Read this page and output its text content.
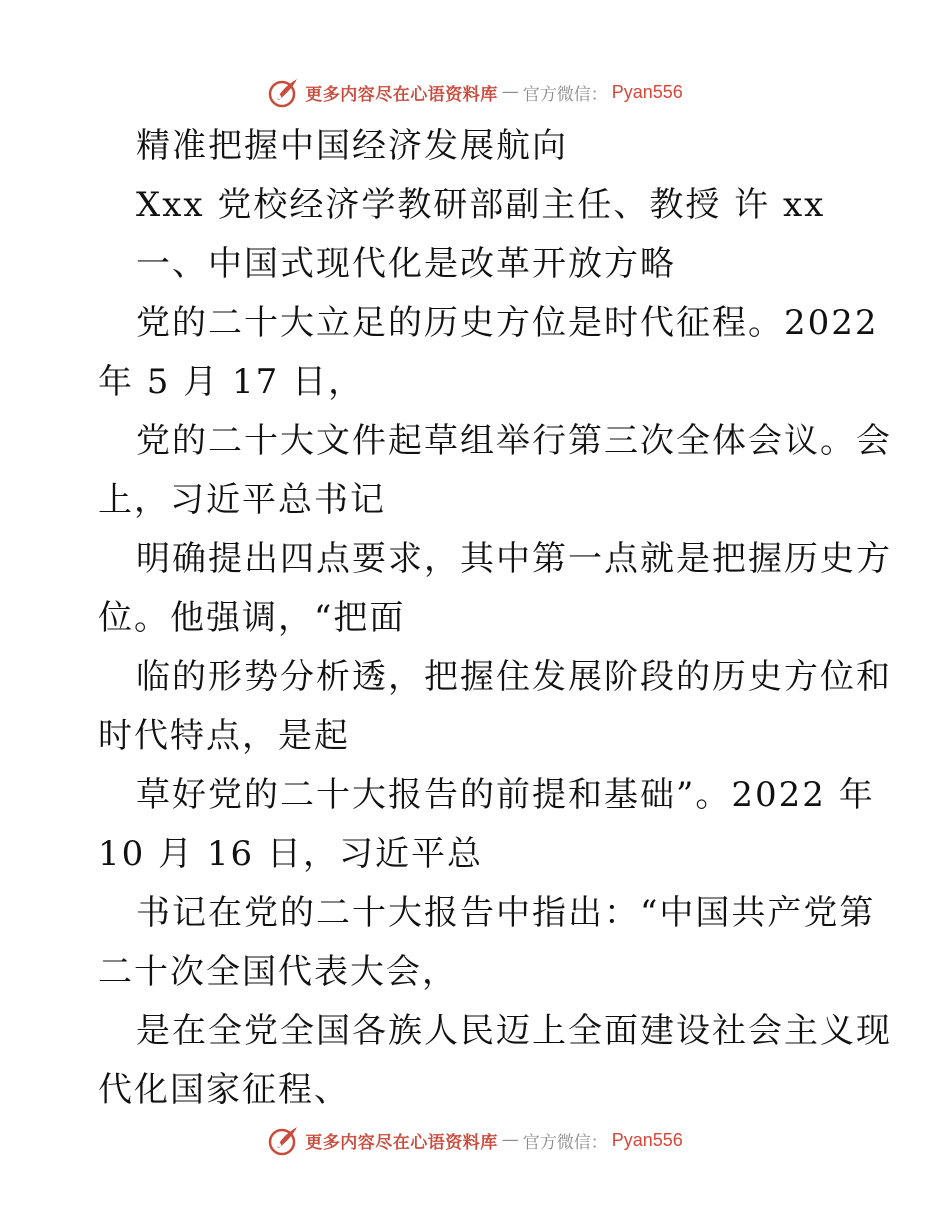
更多内容尽在心语资料库 — 官方微信： Pyan556
精准把握中国经济发展航向
Xxx 党校经济学教研部副主任、教授 许 xx
一、中国式现代化是改革开放方略
党的二十大立足的历史方位是时代征程。2022
年 5 月 17 日，
党的二十大文件起草组举行第三次全体会议。会
上，习近平总书记
明确提出四点要求，其中第一点就是把握历史方
位。他强调，“把面
临的形势分析透，把握住发展阶段的历史方位和
时代特点，是起
草好党的二十大报告的前提和基础”。2022 年
10 月 16 日，习近平总
书记在党的二十大报告中指出：“中国共产党第
二十次全国代表大会，
是在全党全国各族人民迈上全面建设社会主义现
代化国家征程、
更多内容尽在心语资料库 — 官方微信： Pyan556
